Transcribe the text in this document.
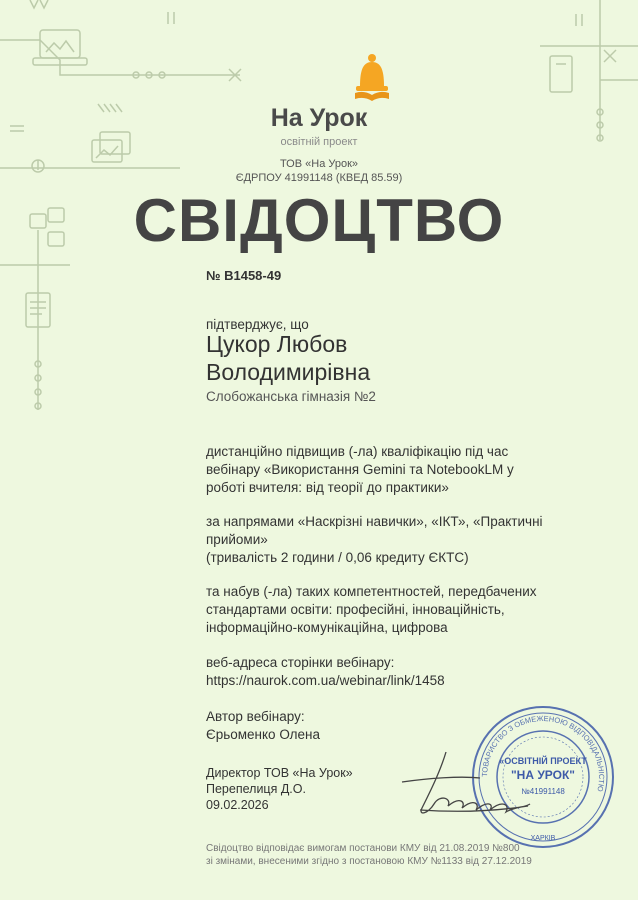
На Урок
освітній проект
ТОВ «На Урок»
ЄДРПОУ 41991148 (КВЕД 85.59)
СВІДОЦТВО
№ B1458-49
підтверджує, що
Цукор Любов
Володимирівна
Слобожанська гімназія №2
дистанційно підвищив (-ла) кваліфікацію під час
вебінару «Використання Gemini та NotebookLM у
роботі вчителя: від теорії до практики»
за напрямами «Наскрізні навички», «ІКТ», «Практичні
прийоми»
(тривалість 2 години / 0,06 кредиту ЄКТС)
та набув (-ла) таких компетентностей, передбачених
стандартами освіти: професійні, інноваційність,
інформаційно-комунікаційна, цифрова
веб-адреса сторінки вебінару:
https://naurok.com.ua/webinar/link/1458
Автор вебінару:
Єрьоменко Олена
Директор ТОВ «На Урок»
Перепелиця Д.О.
09.02.2026
ТОВАРИСТВО З ОБМЕЖЕНОЮ ВІДПОВІДАЛЬНІСТЮ
ХАРКІВ
«ОСВІТНІЙ ПРОЕКТ
"НА УРОК"
№41991148
Свідоцтво відповідає вимогам постанови КМУ від 21.08.2019 №800
зі змінами, внесеними згідно з постановою КМУ №1133 від 27.12.2019
